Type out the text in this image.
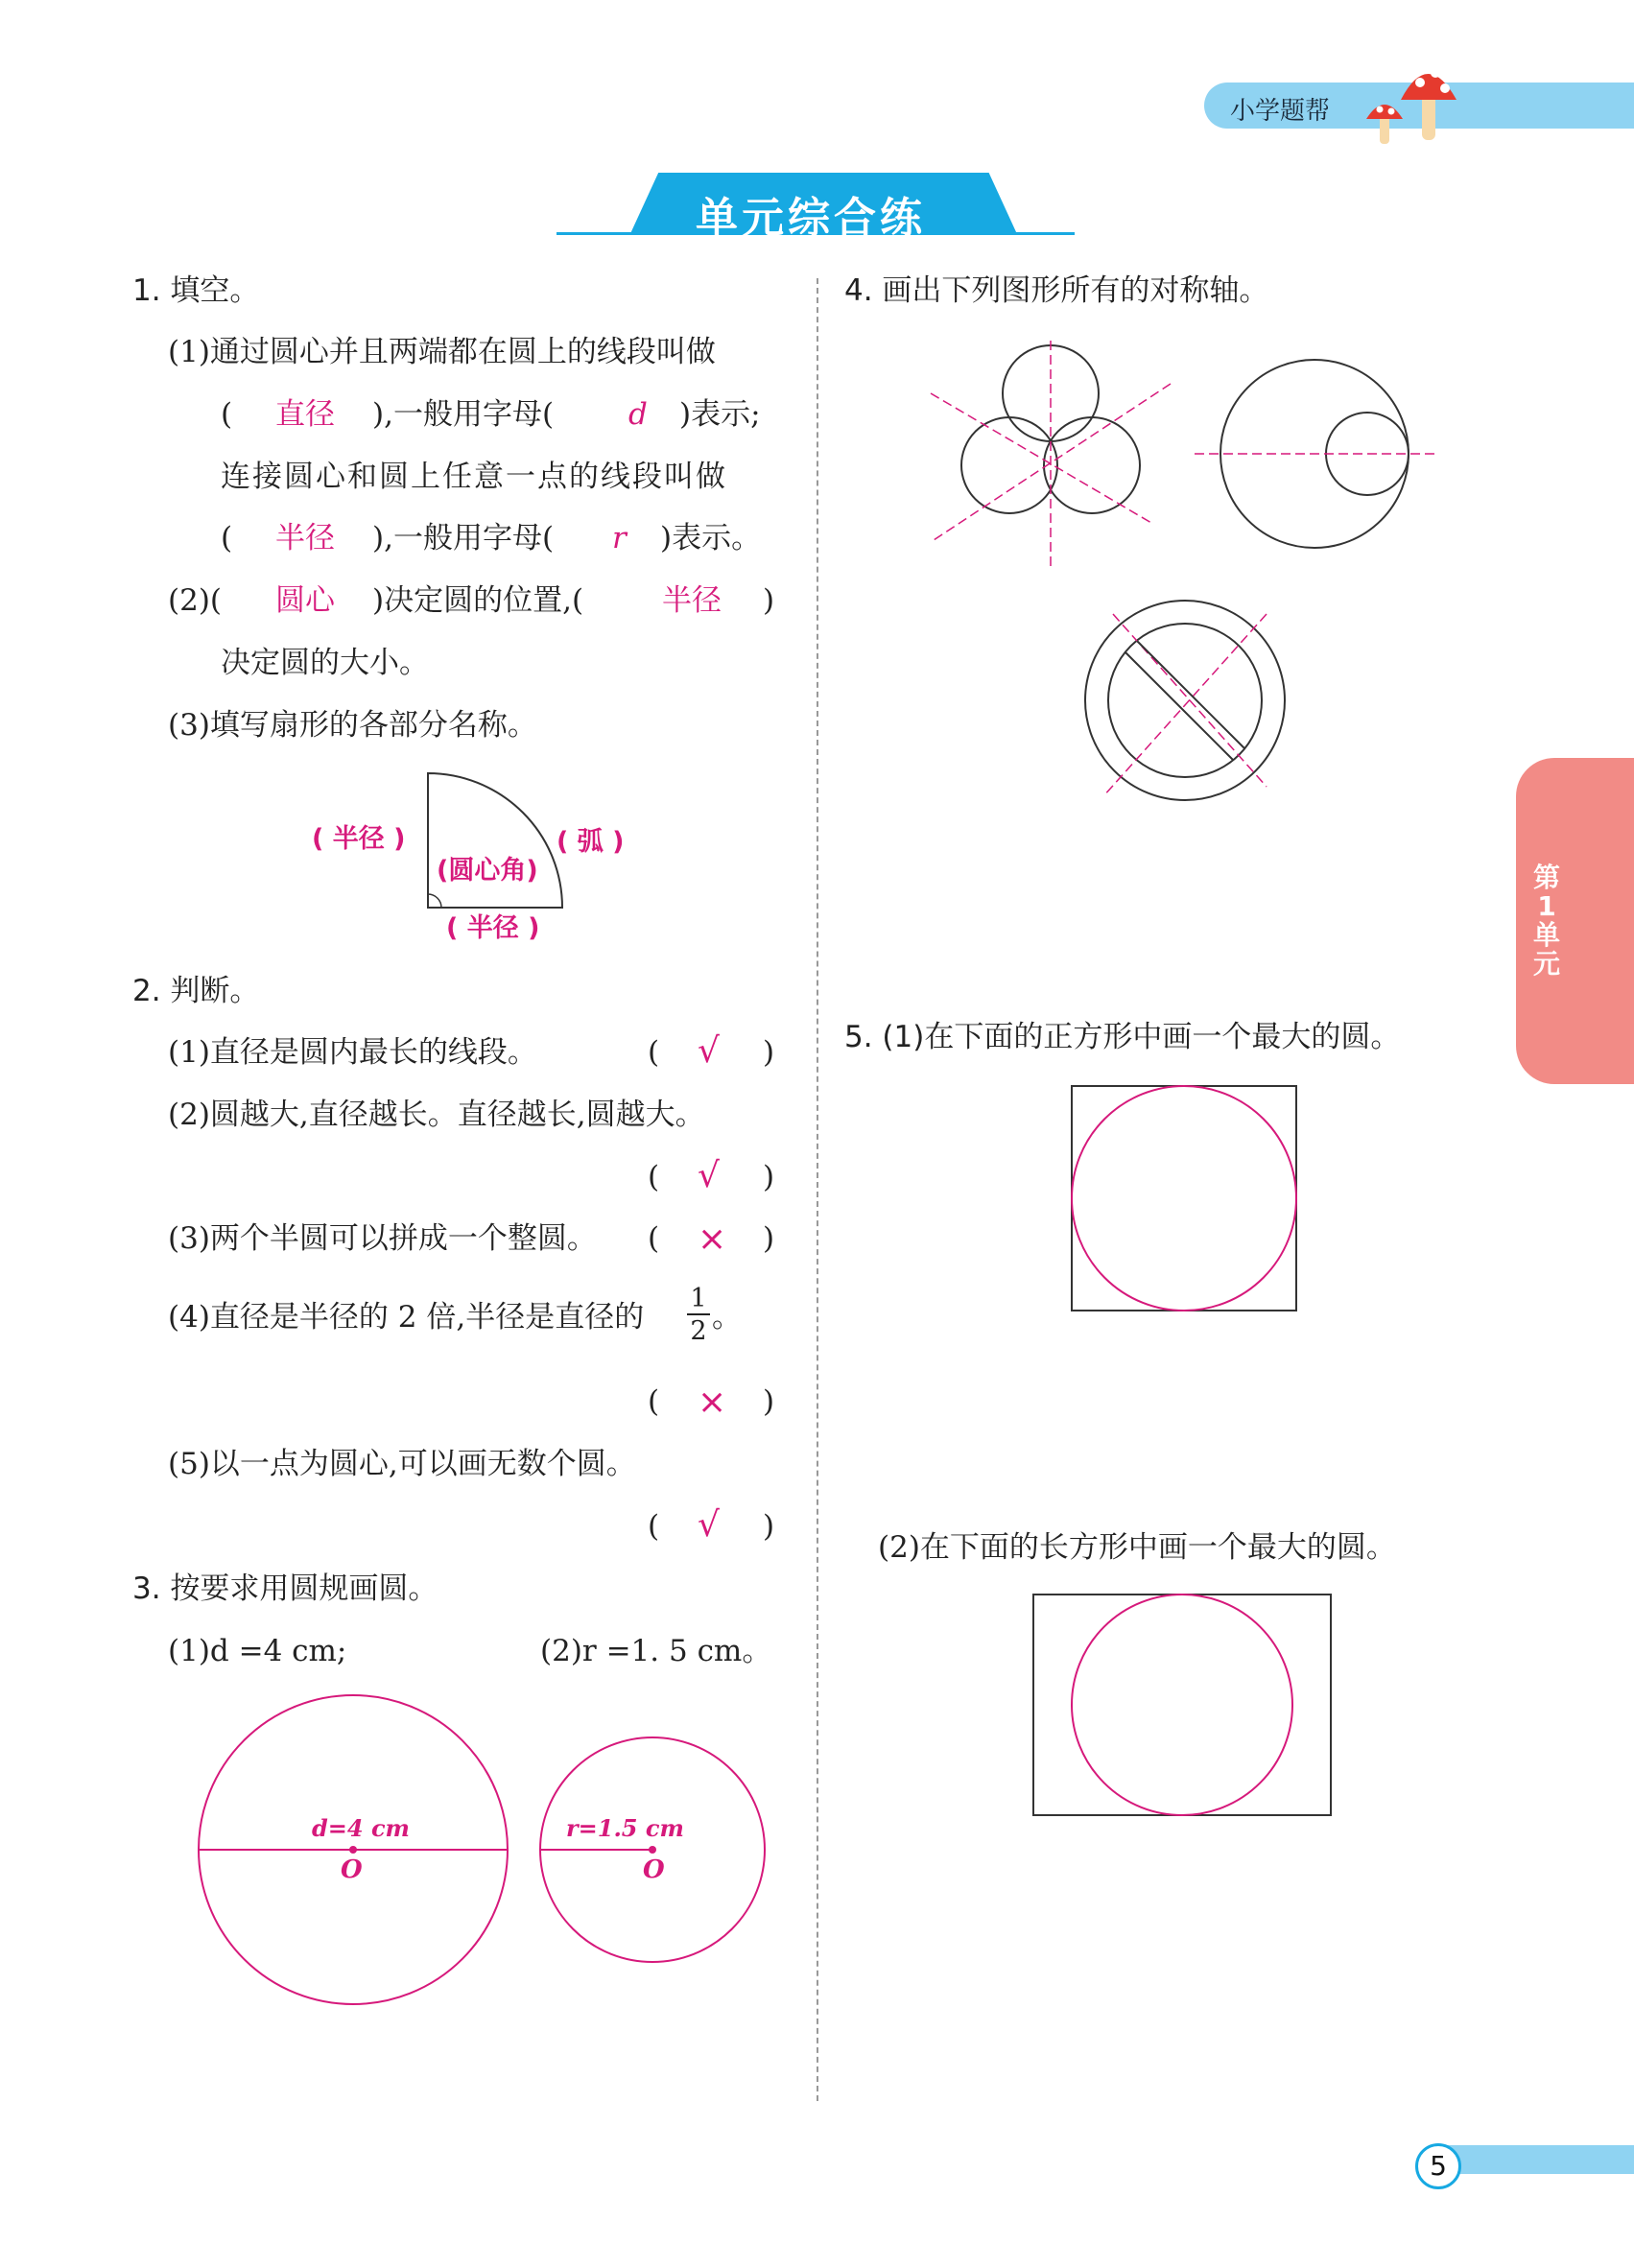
小学题帮
单元综合练
第1单元
5
1. 填空。
(1)通过圆心并且两端都在圆上的线段叫做
( 直径 ),一般用字母(	d )表示;
连接圆心和圆上任意一点的线段叫做
( 半径 ),一般用字母( r )表示。
(2)( 圆心 )决定圆的位置,(	半径 )
决定圆的大小。
(3)填写扇形的各部分名称。
( 半径 )	( 弧 )
(圆心角)
( 半径 )
2. 判断。
(1)直径是圆内最长的线段。	( √ )
(2)圆越大,直径越长。直径越长,圆越大。
( √ )
(3)两个半圆可以拼成一个整圆。 ( × )
(4)直径是半径的 2 倍,半径是直径的 $\frac{1}{2}$ 。
( × )
(5)以一点为圆心,可以画无数个圆。
( √ )
3. 按要求用圆规画圆。
(1)d =4 cm;	(2)r =1. 5 cm。
d=4 cm
O
r=1.5 cm
O
4. 画出下列图形所有的对称轴。
5. (1)在下面的正方形中画一个最大的圆。
(2)在下面的长方形中画一个最大的圆。
